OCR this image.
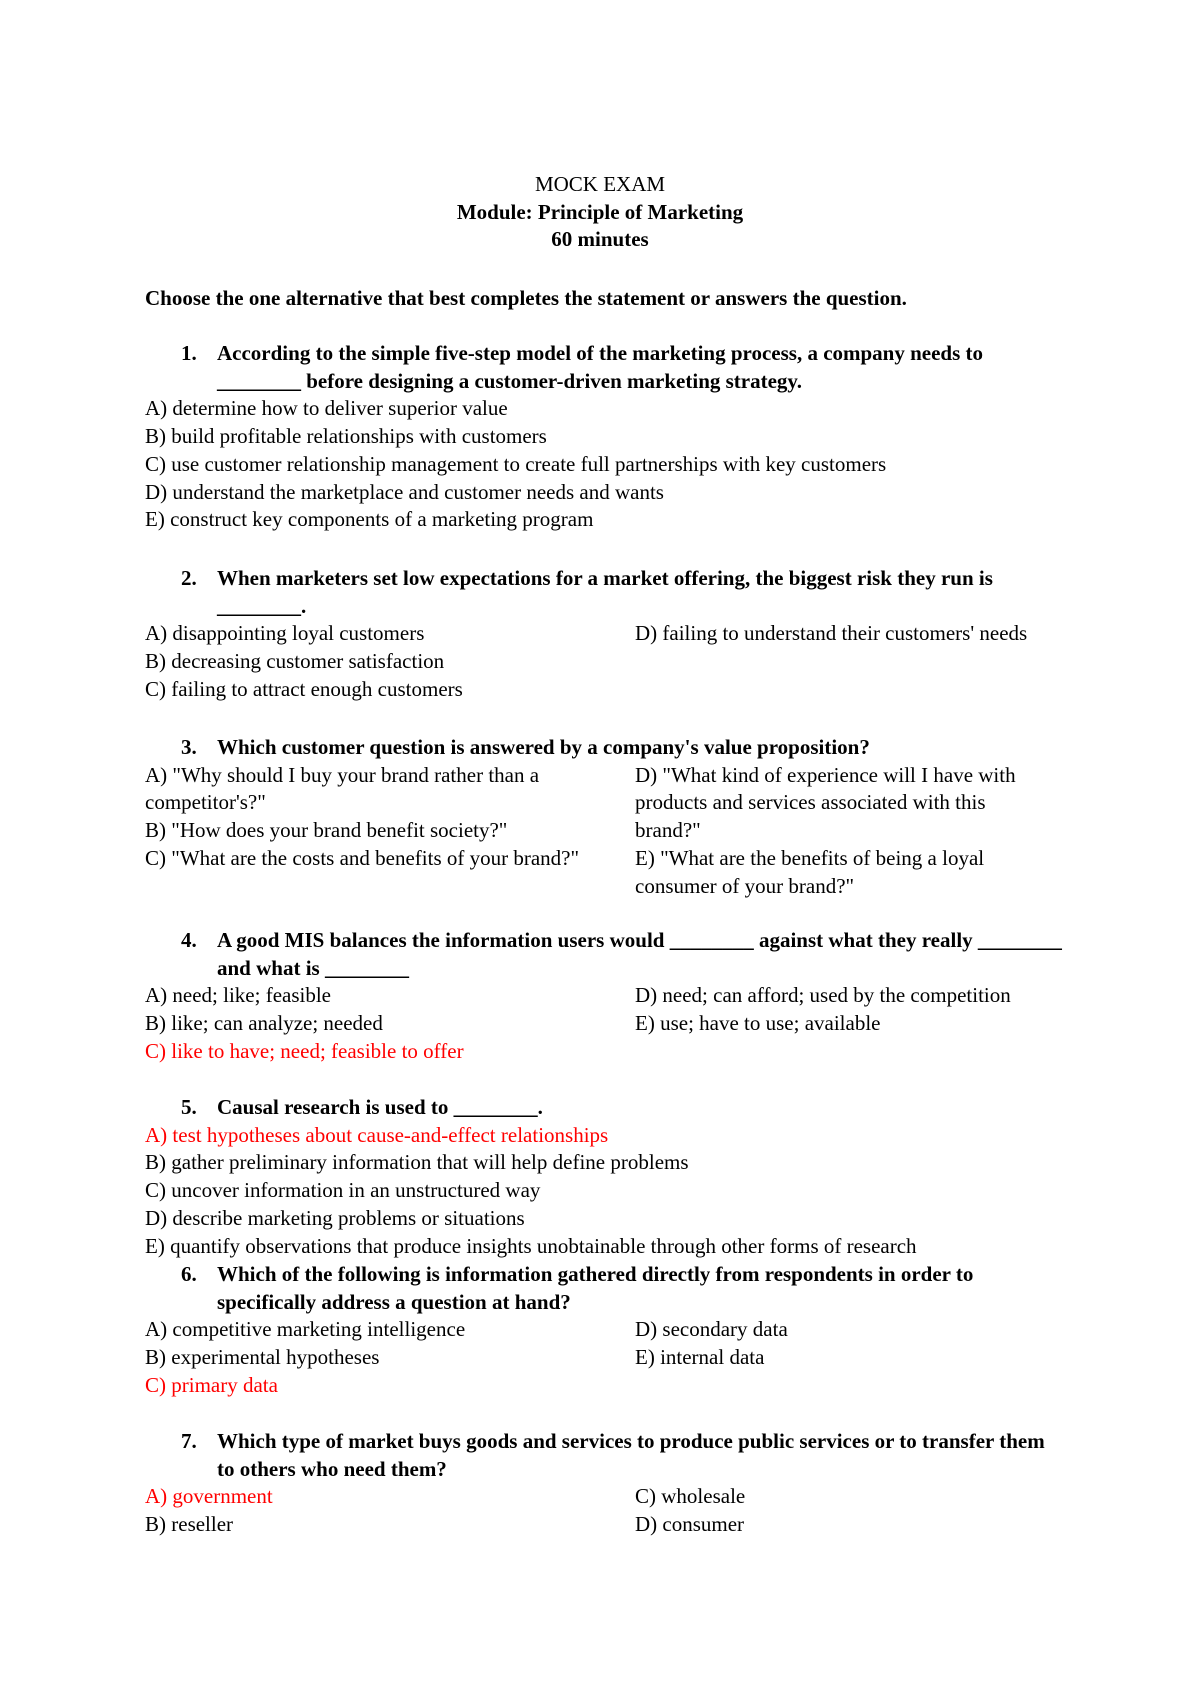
MOCK EXAM
Module: Principle of Marketing
60 minutes
Choose the one alternative that best completes the statement or answers the question.
1. According to the simple five-step model of the marketing process, a company needs to ________ before designing a customer-driven marketing strategy.
A) determine how to deliver superior value
B) build profitable relationships with customers
C) use customer relationship management to create full partnerships with key customers
D) understand the marketplace and customer needs and wants
E) construct key components of a marketing program
2. When marketers set low expectations for a market offering, the biggest risk they run is ________.
A) disappointing loyal customers
B) decreasing customer satisfaction
C) failing to attract enough customers
D) failing to understand their customers' needs
3. Which customer question is answered by a company's value proposition?
A) "Why should I buy your brand rather than a competitor's?"
B) "How does your brand benefit society?"
C) "What are the costs and benefits of your brand?"
D) "What kind of experience will I have with products and services associated with this brand?"
E) "What are the benefits of being a loyal consumer of your brand?"
4. A good MIS balances the information users would ________ against what they really ________ and what is ________
A) need; like; feasible
B) like; can analyze; needed
C) like to have; need; feasible to offer
D) need; can afford; used by the competition
E) use; have to use; available
5. Causal research is used to ________.
A) test hypotheses about cause-and-effect relationships
B) gather preliminary information that will help define problems
C) uncover information in an unstructured way
D) describe marketing problems or situations
E) quantify observations that produce insights unobtainable through other forms of research
6. Which of the following is information gathered directly from respondents in order to specifically address a question at hand?
A) competitive marketing intelligence
B) experimental hypotheses
C) primary data
D) secondary data
E) internal data
7. Which type of market buys goods and services to produce public services or to transfer them to others who need them?
A) government
B) reseller
C) wholesale
D) consumer
